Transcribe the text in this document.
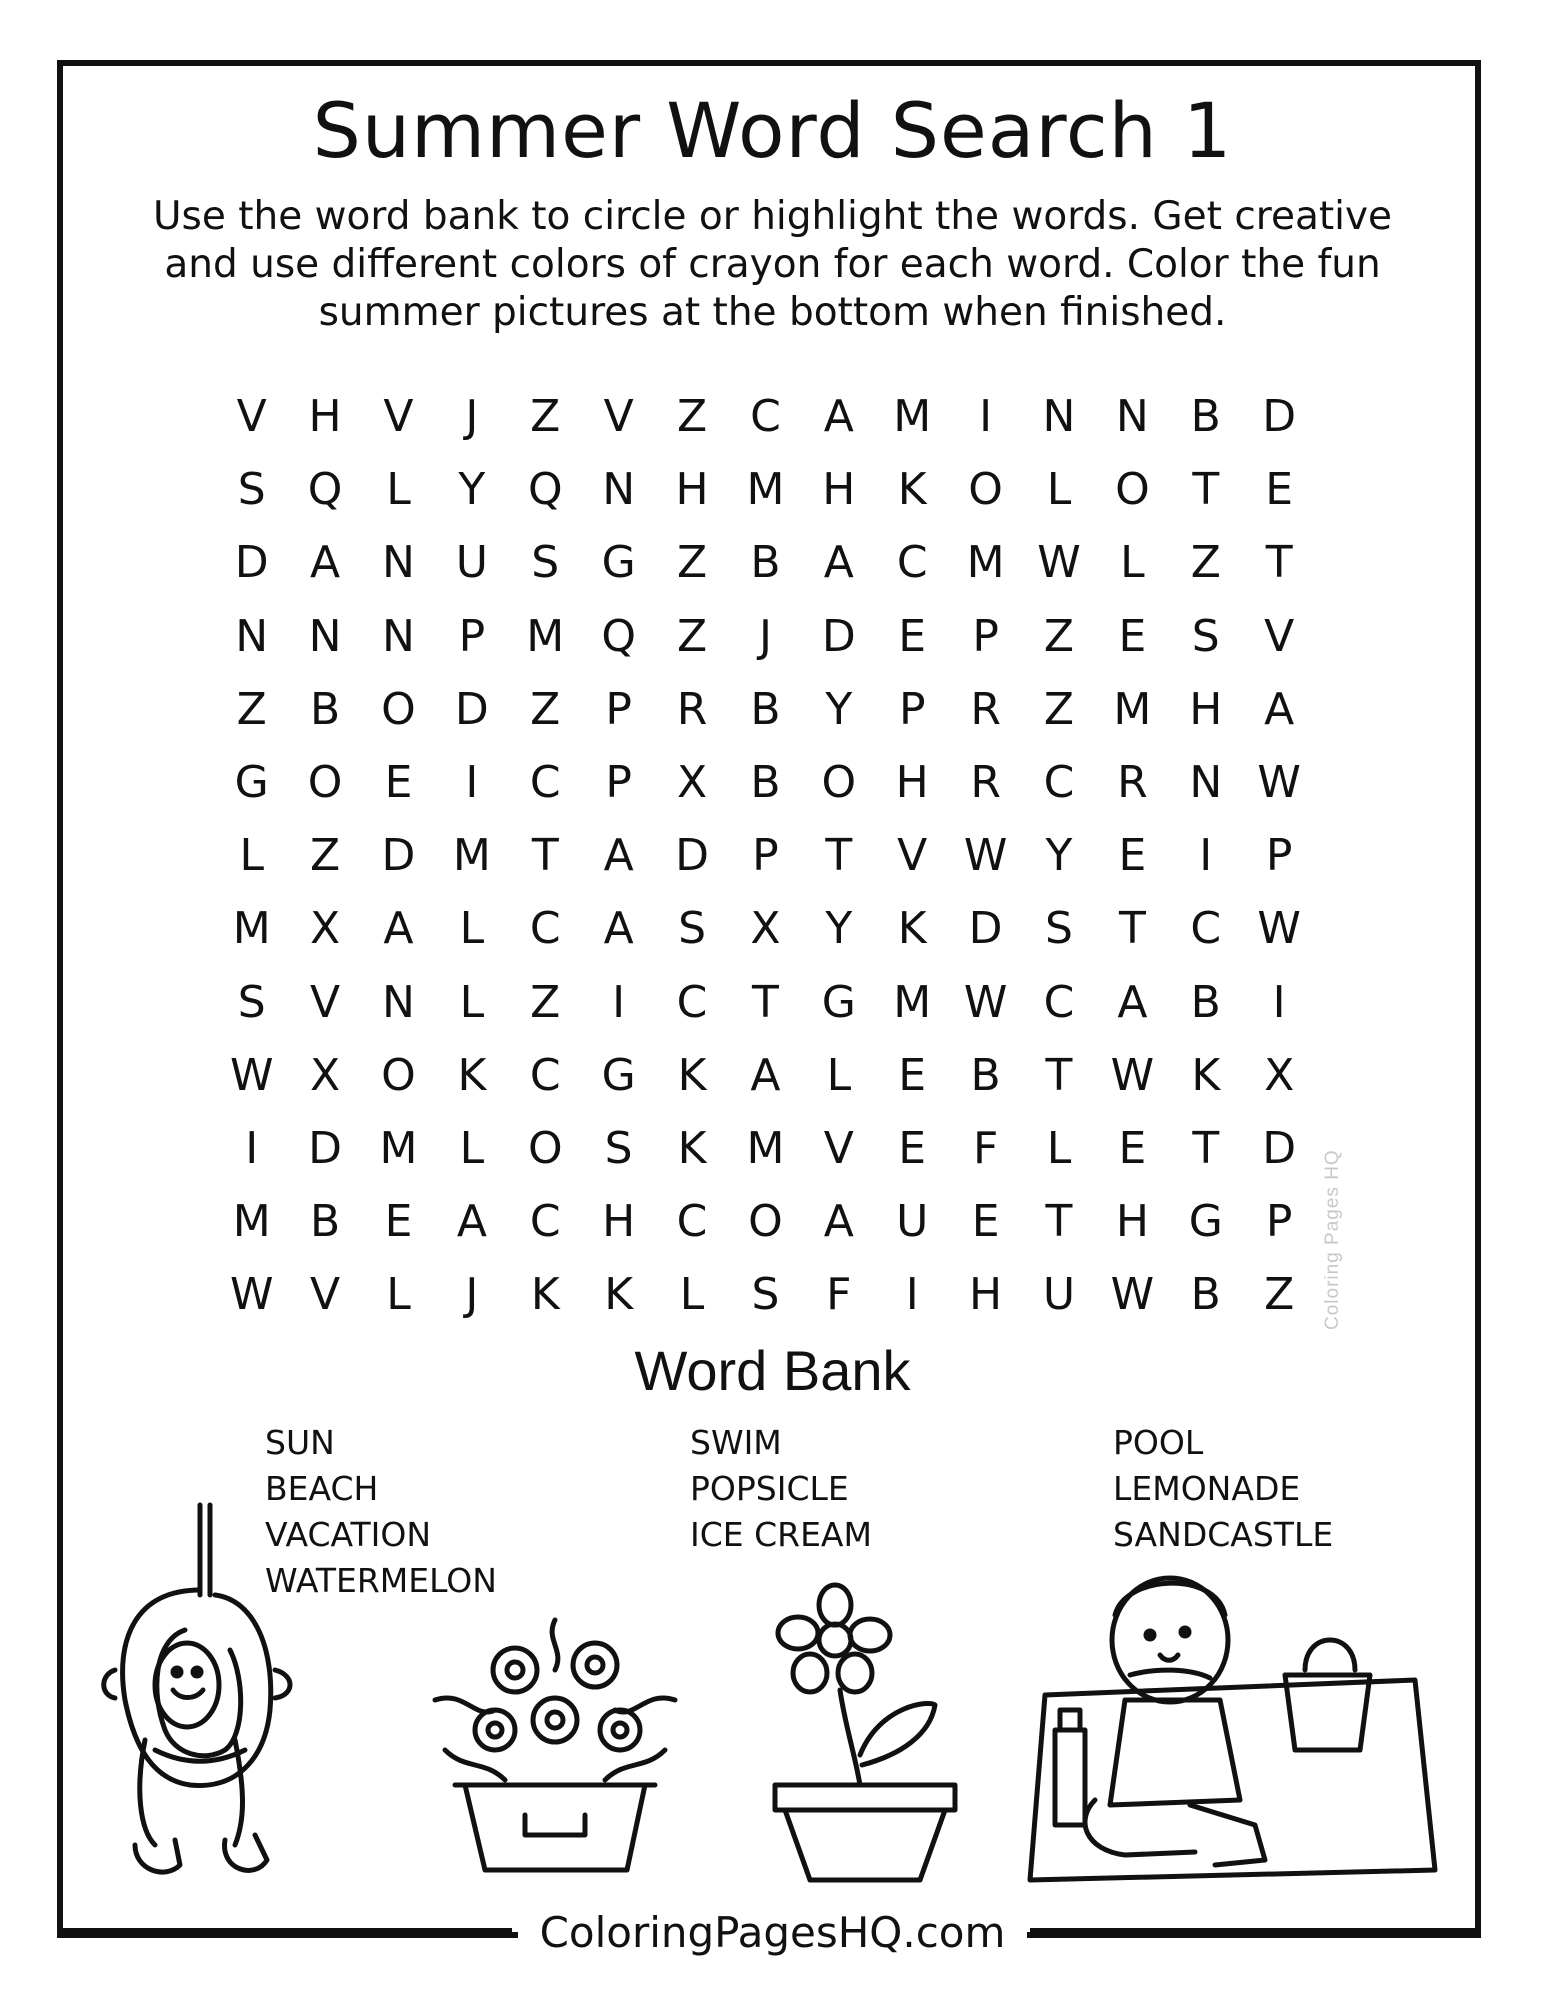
Summer Word Search 1
Use the word bank to circle or highlight the words. Get creative and use different colors of crayon for each word. Color the fun summer pictures at the bottom when finished.
V H V	J	Z V Z C A M	I	N N B D
S Q L	Y Q N H M H K O L O T	E
D A N U S G Z B A C M W L	Z	T
N N N P M Q Z	J	D E	P	Z	E	S	V
Z B O D Z	P	R B	Y	P	R Z M H A
G O E	I	C	P	X B O H R C R N W
L	Z D M T	A D P	T	V W Y	E	I	P
M X A	L	C A	S	X	Y	K D S	T	C W
S	V N	L	Z	I	C	T G M W C A B	I
W X O K C G K A	L	E	B	T W K X
I	D M L O S	K M V	E	F	L	E	T D
M B	E	A C H C O A U E	T H G P
W V	L	J	K	K	L	S	F	I	H U W B Z	Coloring Pages HQ
Word Bank
SUN
BEACH
VACATION
WATERMELON
SWIM
POPSICLE
ICE CREAM
POOL
LEMONADE
SANDCASTLE
ColoringPagesHQ.com
